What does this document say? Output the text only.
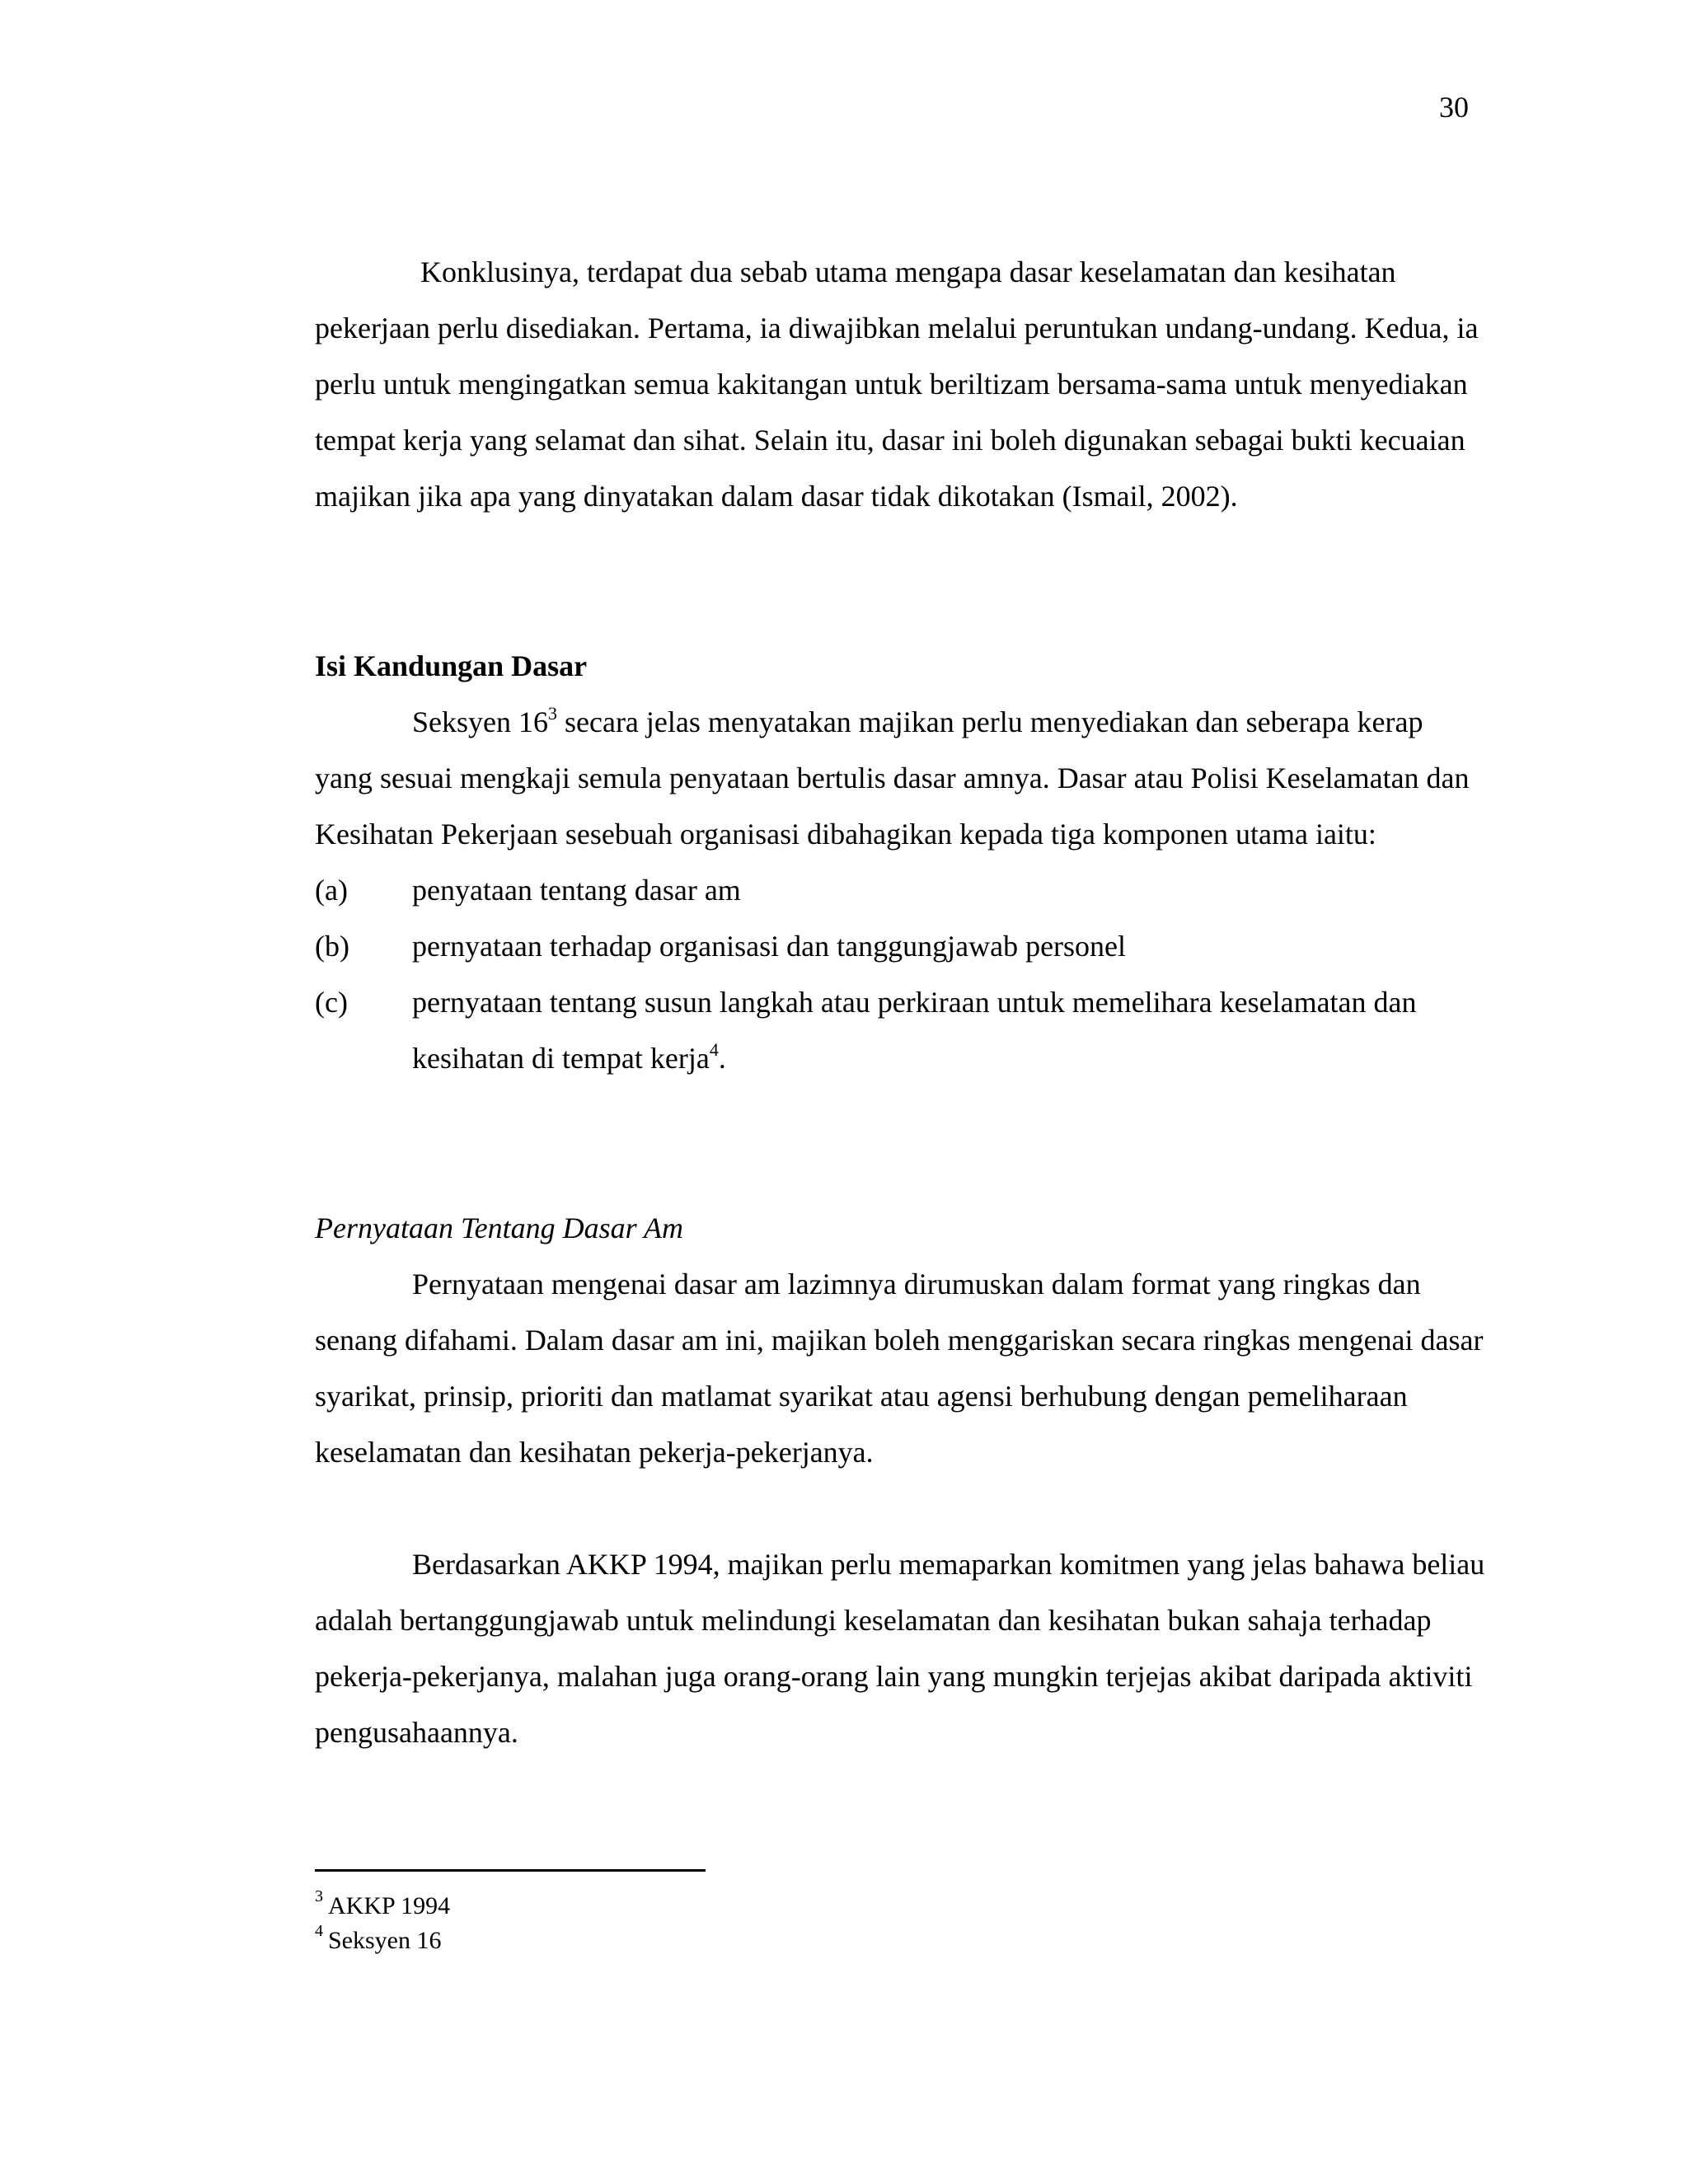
30

Konklusinya, terdapat dua sebab utama mengapa dasar keselamatan dan kesihatan pekerjaan perlu disediakan. Pertama, ia diwajibkan melalui peruntukan undang-undang. Kedua, ia perlu untuk mengingatkan semua kakitangan untuk beriltizam bersama-sama untuk menyediakan tempat kerja yang selamat dan sihat. Selain itu, dasar ini boleh digunakan sebagai bukti kecuaian majikan jika apa yang dinyatakan dalam dasar tidak dikotakan (Ismail, 2002).

Isi Kandungan Dasar

Seksyen $16^3$ secara jelas menyatakan majikan perlu menyediakan dan seberapa kerap yang sesuai mengkaji semula penyataan bertulis dasar amnya. Dasar atau Polisi Keselamatan dan Kesihatan Pekerjaan sesebuah organisasi dibahagikan kepada tiga komponen utama iaitu:

(a)	penyataan tentang dasar am
(b)	pernyataan terhadap organisasi dan tanggungjawab personel
(c)	pernyataan tentang susun langkah atau perkiraan untuk memelihara keselamatan dan kesihatan di tempat kerja$^4$.

Pernyataan Tentang Dasar Am

Pernyataan mengenai dasar am lazimnya dirumuskan dalam format yang ringkas dan senang difahami. Dalam dasar am ini, majikan boleh menggariskan secara ringkas mengenai dasar syarikat, prinsip, prioriti dan matlamat syarikat atau agensi berhubung dengan pemeliharaan keselamatan dan kesihatan pekerja-pekerjanya.

Berdasarkan AKKP 1994, majikan perlu memaparkan komitmen yang jelas bahawa beliau adalah bertanggungjawab untuk melindungi keselamatan dan kesihatan bukan sahaja terhadap pekerja-pekerjanya, malahan juga orang-orang lain yang mungkin terjejas akibat daripada aktiviti pengusahaannya.

$^3$ AKKP 1994

$^4$ Seksyen 16
